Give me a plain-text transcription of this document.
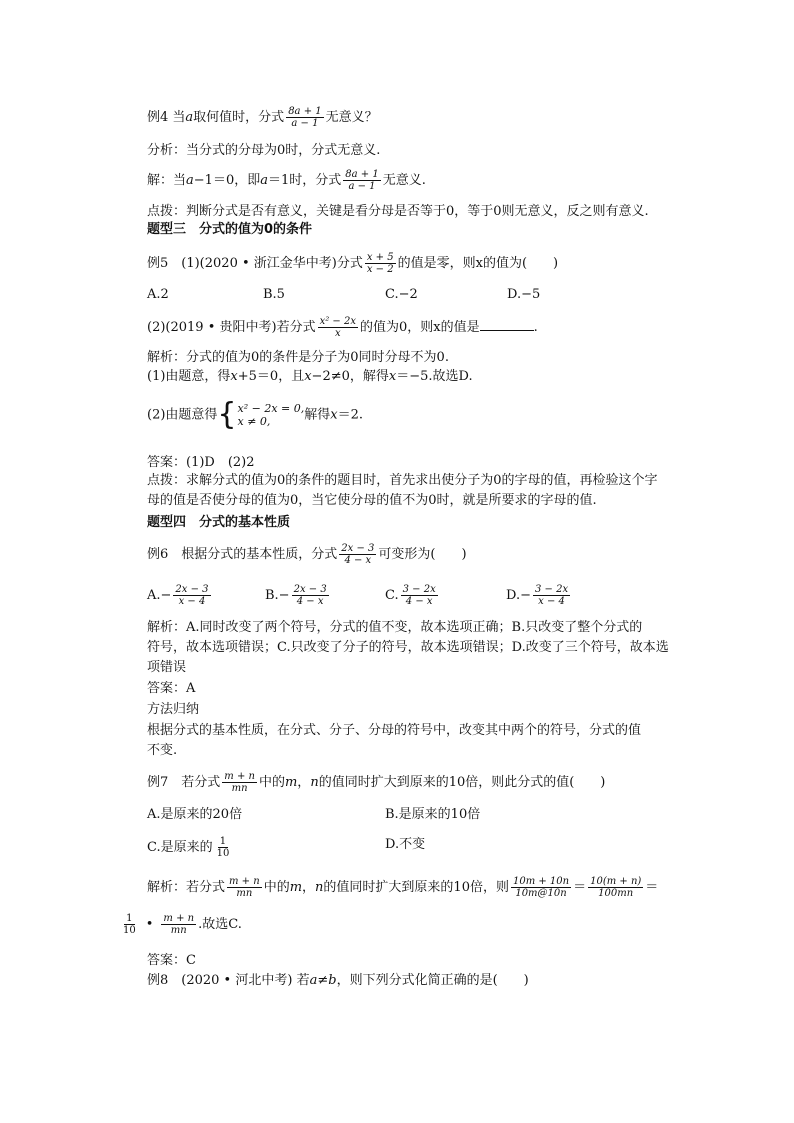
例4 当a取何值时，分式 $\frac{8a + 1}{a - 1}$ 无意义？
分析：当分式的分母为0时，分式无意义.
解：当a−1＝0，即a＝1时，分式 $\frac{8a + 1}{a - 1}$ 无意义.
点拨：判断分式是否有意义，关键是看分母是否等于0，等于0则无意义，反之则有意义.
题型三　分式的值为0的条件
例5　(1)(2020 • 浙江金华中考)分式 $\frac{x + 5}{x - 2}$ 的值是零，则x的值为(　　)
A.2	B.5	C.−2	D.−5
(2)(2019 • 贵阳中考)若分式 $\frac{\text{x² − 2x}}{x}$ 的值为0，则x的值是	.
解析：分式的值为0的条件是分子为0同时分母不为0.
(1)由题意，得x+5＝0，且x−2≠0，解得x＝−5.故选D.
(2)由题意得 { x² − 2x = 0,
x ≠ 0,	解得x＝2.
答案：(1)D　(2)2
点拨：求解分式的值为0的条件的题目时，首先求出使分子为0的字母的值，再检验这个字
母的值是否使分母的值为0，当它使分母的值不为0时，就是所要求的字母的值.
题型四　分式的基本性质
例6　根据分式的基本性质，分式 $\frac{2x - 3}{4 - x}$ 可变形为(　　)
$A.- \frac{2x - 3}{x - 4}$	$B.- \frac{2x - 3}{4 - x}$	C. $\frac{3 - 2x}{4 - x}$	$D.- \frac{3 - 2x}{x - 4}$
解析：A.同时改变了两个符号，分式的值不变，故本选项正确；B.只改变了整个分式的
符号，故本选项错误；C.只改变了分子的符号，故本选项错误；D.改变了三个符号，故本选
项错误
答案：A
方法归纳
根据分式的基本性质，在分式、分子、分母的符号中，改变其中两个的符号，分式的值
不变.
例7　若分式 $\frac{m + n}{mn}$ 中的m，n的值同时扩大到原来的10倍，则此分式的值(　　)
A.是原来的20倍	B.是原来的10倍
C.是原来的 $\frac{1}{10}$	D.不变
解析：若分式 $\frac{m + n}{mn}$ 中的m，n的值同时扩大到原来的10倍，则 $\frac{10m + 10n}{10m@10n} = \frac{10(m + n)}{100mn}$ ＝
$\frac{1}{10}$ • $\frac{m + n}{mn}$ .故选C.
答案：C
例8　(2020 • 河北中考) 若a≠b，则下列分式化简正确的是(　　)
